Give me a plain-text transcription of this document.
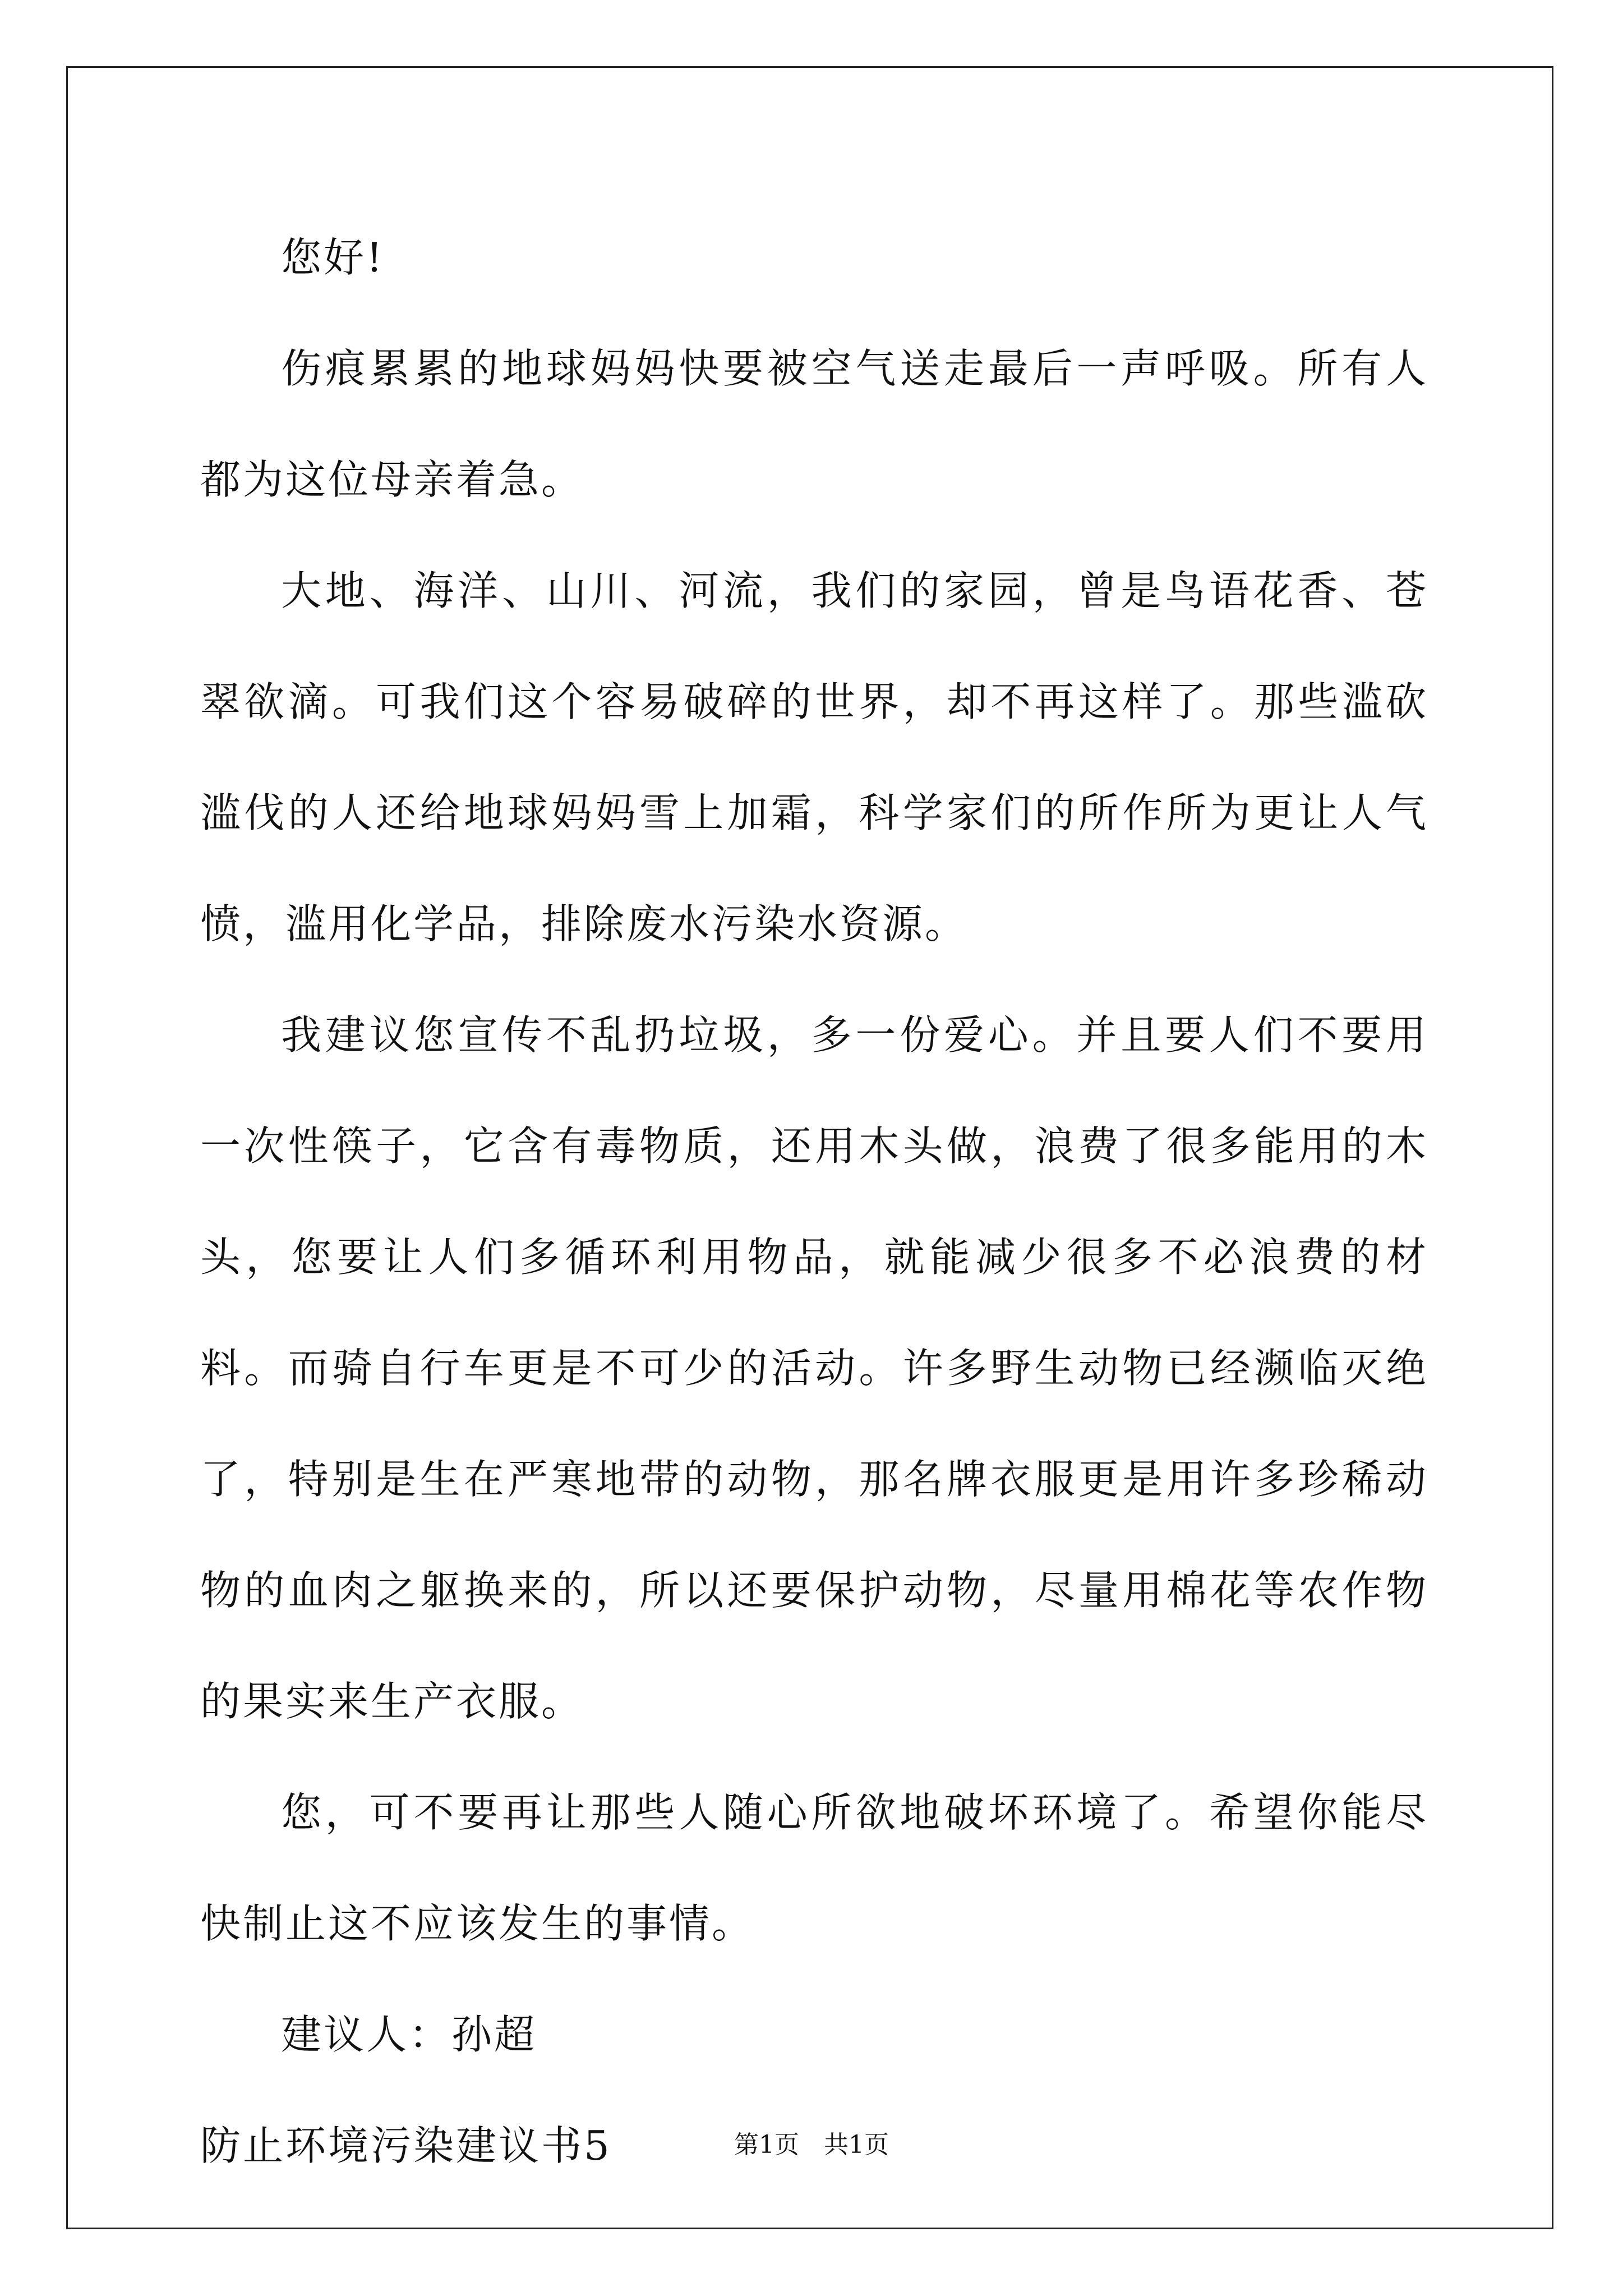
您好!

伤痕累累的地球妈妈快要被空气送走最后一声呼吸。所有人都为这位母亲着急。

大地、海洋、山川、河流，我们的家园，曾是鸟语花香、苍翠欲滴。可我们这个容易破碎的世界，却不再这样了。那些滥砍滥伐的人还给地球妈妈雪上加霜，科学家们的所作所为更让人气愤，滥用化学品，排除废水污染水资源。

我建议您宣传不乱扔垃圾，多一份爱心。并且要人们不要用一次性筷子，它含有毒物质，还用木头做，浪费了很多能用的木头，您要让人们多循环利用物品，就能减少很多不必浪费的材料。而骑自行车更是不可少的活动。许多野生动物已经濒临灭绝了，特别是生在严寒地带的动物，那名牌衣服更是用许多珍稀动物的血肉之躯换来的，所以还要保护动物，尽量用棉花等农作物的果实来生产衣服。

您，可不要再让那些人随心所欲地破坏环境了。希望你能尽快制止这不应该发生的事情。

建议人：孙超

防止环境污染建议书5	第1页 共1页
